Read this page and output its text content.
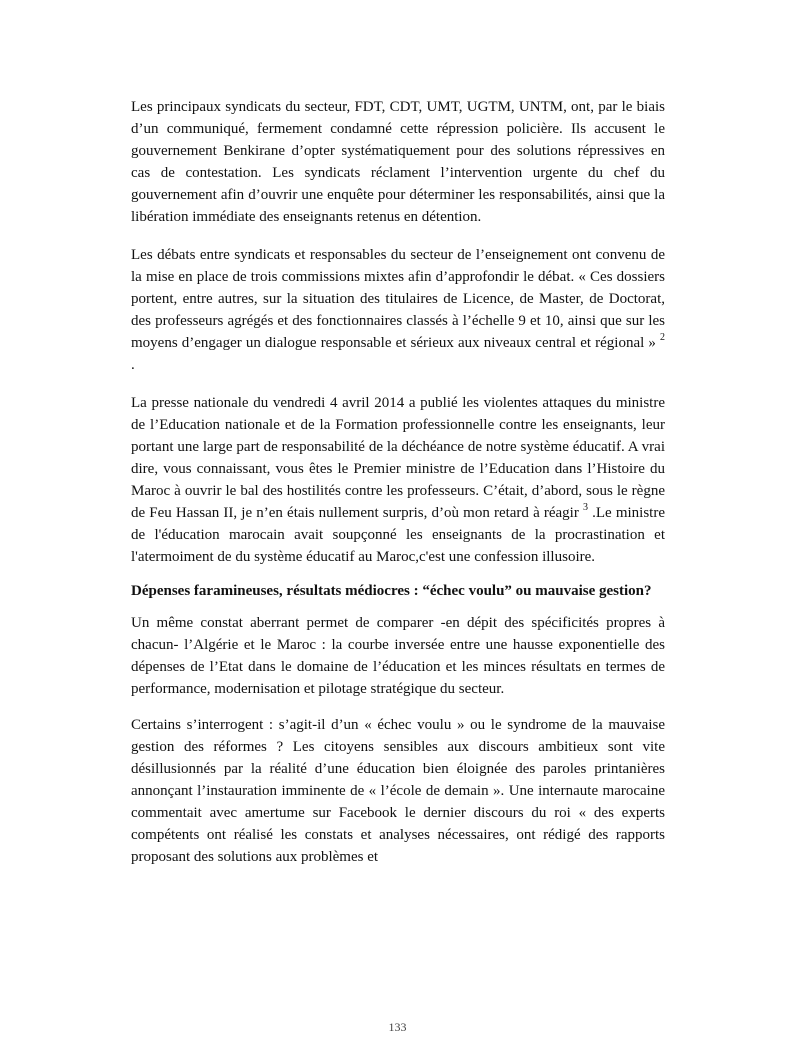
Les principaux syndicats du secteur, FDT, CDT, UMT, UGTM, UNTM, ont, par le biais d’un communiqué, fermement condamné cette répression policière. Ils accusent le gouvernement Benkirane d’opter systématiquement pour des solutions répressives en cas de contestation. Les syndicats réclament l’intervention urgente du chef du gouvernement afin d’ouvrir une enquête pour déterminer les responsabilités, ainsi que la libération immédiate des enseignants retenus en détention.

Les débats entre syndicats et responsables du secteur de l’enseignement ont convenu de la mise en place de trois commissions mixtes afin d’approfondir le débat. « Ces dossiers portent, entre autres, sur la situation des titulaires de Licence, de Master, de Doctorat, des professeurs agrégés et des fonctionnaires classés à l’échelle 9 et 10, ainsi que sur les moyens d’engager un dialogue responsable et sérieux aux niveaux central et régional » $^2$ .

La presse nationale du vendredi 4 avril 2014 a publié les violentes attaques du ministre de l’Education nationale et de la Formation professionnelle contre les enseignants, leur portant une large part de responsabilité de la déchéance de notre système éducatif. A vrai dire, vous connaissant, vous êtes le Premier ministre de l’Education dans l’Histoire du Maroc à ouvrir le bal des hostilités contre les professeurs. C’était, d’abord, sous le règne de Feu Hassan II, je n’en étais nullement surpris, d’où mon retard à réagir $^3$ .Le ministre de l'éducation marocain avait soupçonné les enseignants de la procrastination et l'atermoiment de du système éducatif au Maroc,c'est une confession illusoire.

Dépenses faramineuses, résultats médiocres : “échec voulu” ou mauvaise gestion?

Un même constat aberrant permet de comparer -en dépit des spécificités propres à chacun- l’Algérie et le Maroc : la courbe inversée entre une hausse exponentielle des dépenses de l’Etat dans le domaine de l’éducation et les minces résultats en termes de performance, modernisation et pilotage stratégique du secteur.

Certains s’interrogent : s’agit-il d’un « échec voulu » ou le syndrome de la mauvaise gestion des réformes ? Les citoyens sensibles aux discours ambitieux sont vite désillusionnés par la réalité d’une éducation bien éloignée des paroles printanières annonçant l’instauration imminente de « l’école de demain ». Une internaute marocaine commentait avec amertume sur Facebook le dernier discours du roi « des experts compétents ont réalisé les constats et analyses nécessaires, ont rédigé des rapports proposant des solutions aux problèmes et

133
